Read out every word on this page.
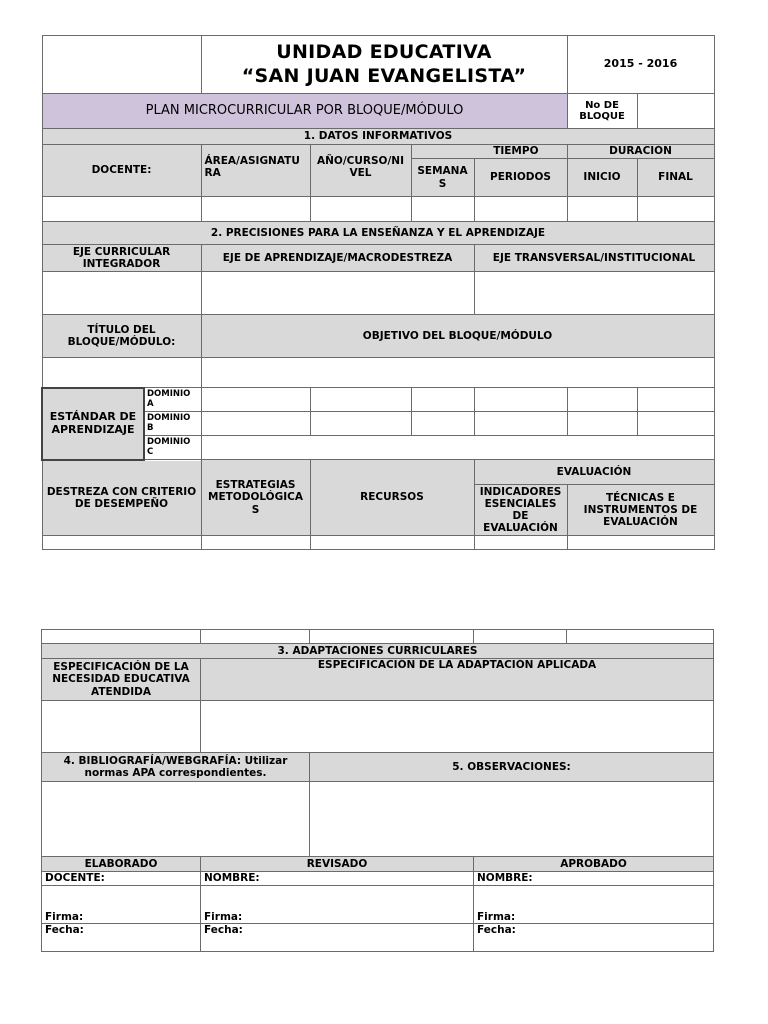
		UNIDAD EDUCATIVA
“SAN JUAN EVANGELISTA”				2015 - 2016	
PLAN MICROCURRICULAR POR BLOQUE/MÓDULO						No DE BLOQUE	
1. DATOS INFORMATIVOS							
DOCENTE:		ÁREA/ASIGNATU RA	AÑO/CURSO/NI VEL	TIEMPO		DURACIÓN	
				SEMANA S	PERIODOS	INICIO	FINAL

2. PRECISIONES PARA LA ENSEÑANZA Y EL APRENDIZAJE							
EJE CURRICULAR INTEGRADOR		EJE DE APRENDIZAJE/MACRODESTREZA			EJE TRANSVERSAL/INSTITUCIONAL		

TÍTULO DEL BLOQUE/MÓDULO:		OBJETIVO DEL BLOQUE/MÓDULO					

ESTÁNDAR DE APRENDIZAJE	DOMINIO A						
	DOMINIO B						
	DOMINIO C						
DESTREZA CON CRITERIO DE DESEMPEÑO		ESTRATEGIAS METODOLÓGICA S	RECURSOS		EVALUACIÓN		
					INDICADORES ESENCIALES DE EVALUACIÓN	TÉCNICAS E INSTRUMENTOS DE EVALUACIÓN	

3. ADAPTACIONES CURRICULARES				
ESPECIFICACIÓN DE LA NECESIDAD EDUCATIVA ATENDIDA	ESPECIFICACIÓN DE LA ADAPTACIÓN APLICADA			

4. BIBLIOGRAFÍA/WEBGRAFÍA: Utilizar normas APA correspondientes.		5. OBSERVACIONES:		

ELABORADO	REVISADO		APROBADO	
DOCENTE:	NOMBRE:		NOMBRE:	
Firma:	Firma:		Firma:	
Fecha:	Fecha:		Fecha:	
